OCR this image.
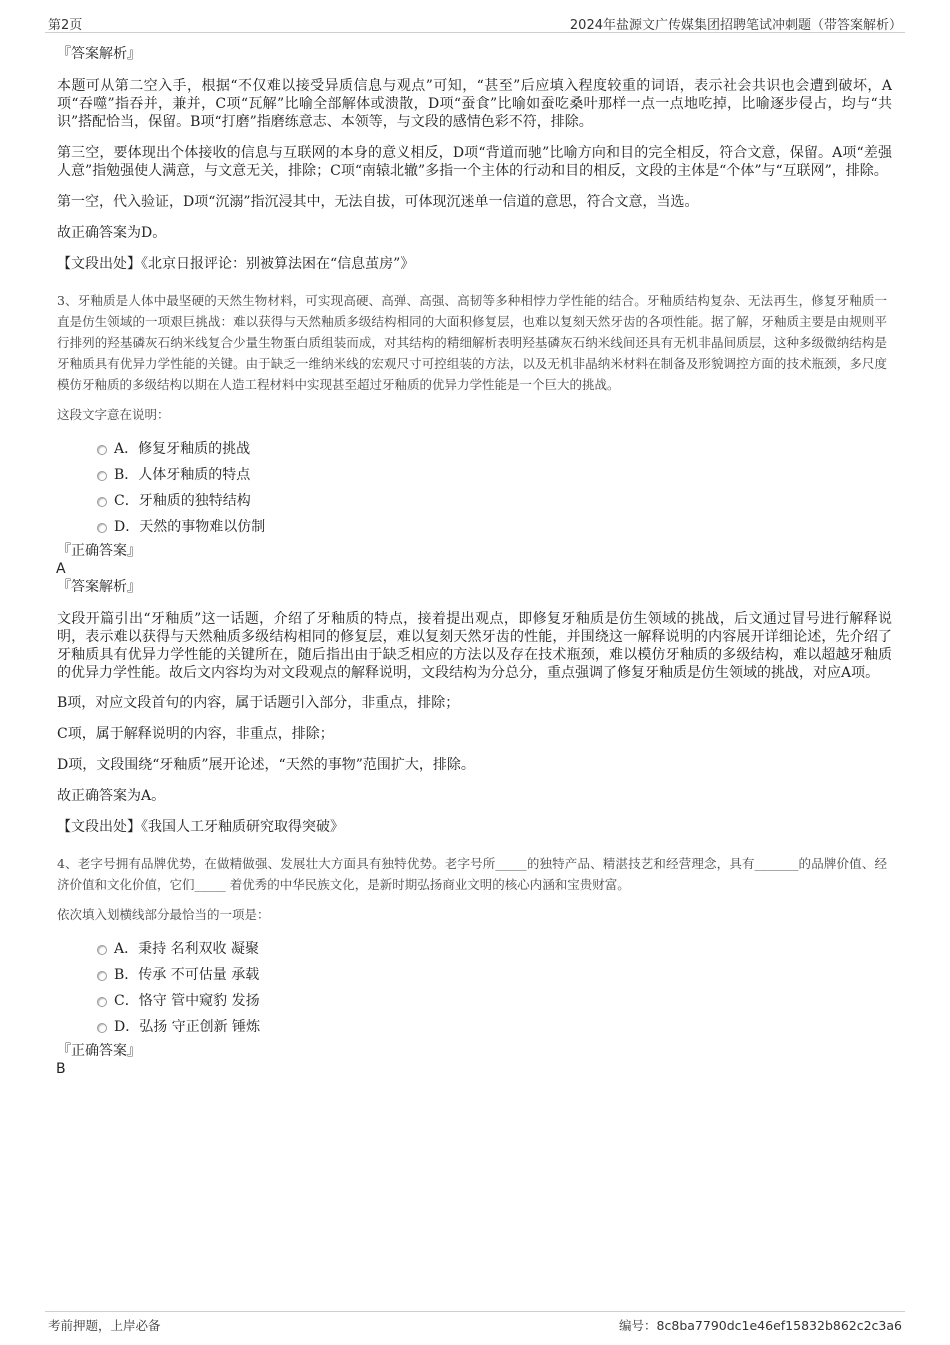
第2页	2024年盐源文广传媒集团招聘笔试冲刺题（带答案解析）

『答案解析』

本题可从第二空入手，根据“不仅难以接受异质信息与观点”可知，“甚至”后应填入程度较重的词语，表示社会共识也会遭到破坏，A项“吞噬”指吞并，兼并，C项“瓦解”比喻全部解体或溃散，D项“蚕食”比喻如蚕吃桑叶那样一点一点地吃掉，比喻逐步侵占，均与“共识”搭配恰当，保留。B项“打磨”指磨练意志、本领等，与文段的感情色彩不符，排除。

第三空，要体现出个体接收的信息与互联网的本身的意义相反，D项“背道而驰”比喻方向和目的完全相反，符合文意，保留。A项“差强人意”指勉强使人满意，与文意无关，排除；C项“南辕北辙”多指一个主体的行动和目的相反，文段的主体是“个体”与“互联网”，排除。

第一空，代入验证，D项“沉溺”指沉浸其中，无法自拔，可体现沉迷单一信道的意思，符合文意，当选。

故正确答案为D。

【文段出处】《北京日报评论：别被算法困在“信息茧房”》

3、牙釉质是人体中最坚硬的天然生物材料，可实现高硬、高弹、高强、高韧等多种相悖力学性能的结合。牙釉质结构复杂、无法再生，修复牙釉质一直是仿生领域的一项艰巨挑战：难以获得与天然釉质多级结构相同的大面积修复层，也难以复刻天然牙齿的各项性能。据了解，牙釉质主要是由规则平行排列的羟基磷灰石纳米线复合少量生物蛋白质组装而成，对其结构的精细解析表明羟基磷灰石纳米线间还具有无机非晶间质层，这种多级微纳结构是牙釉质具有优异力学性能的关键。由于缺乏一维纳米线的宏观尺寸可控组装的方法，以及无机非晶纳米材料在制备及形貌调控方面的技术瓶颈，多尺度模仿牙釉质的多级结构以期在人造工程材料中实现甚至超过牙釉质的优异力学性能是一个巨大的挑战。

这段文字意在说明：

A．修复牙釉质的挑战
B．人体牙釉质的特点
C．牙釉质的独特结构
D．天然的事物难以仿制

『正确答案』

A

『答案解析』

文段开篇引出“牙釉质”这一话题，介绍了牙釉质的特点，接着提出观点，即修复牙釉质是仿生领域的挑战，后文通过冒号进行解释说明，表示难以获得与天然釉质多级结构相同的修复层，难以复刻天然牙齿的性能，并围绕这一解释说明的内容展开详细论述，先介绍了牙釉质具有优异力学性能的关键所在，随后指出由于缺乏相应的方法以及存在技术瓶颈，难以模仿牙釉质的多级结构，难以超越牙釉质的优异力学性能。故后文内容均为对文段观点的解释说明，文段结构为分总分，重点强调了修复牙釉质是仿生领域的挑战，对应A项。

B项，对应文段首句的内容，属于话题引入部分，非重点，排除；

C项，属于解释说明的内容，非重点，排除；

D项，文段围绕“牙釉质”展开论述，“天然的事物”范围扩大，排除。

故正确答案为A。

【文段出处】《我国人工牙釉质研究取得突破》

4、老字号拥有品牌优势，在做精做强、发展壮大方面具有独特优势。老字号所_____的独特产品、精湛技艺和经营理念，具有_______的品牌价值、经济价值和文化价值，它们_____ 着优秀的中华民族文化，是新时期弘扬商业文明的核心内涵和宝贵财富。

依次填入划横线部分最恰当的一项是：

A．秉持 名利双收 凝聚
B．传承 不可估量 承载
C．恪守 管中窥豹 发扬
D．弘扬 守正创新 锤炼

『正确答案』

B

考前押题，上岸必备	编号：8c8ba7790dc1e46ef15832b862c2c3a6
